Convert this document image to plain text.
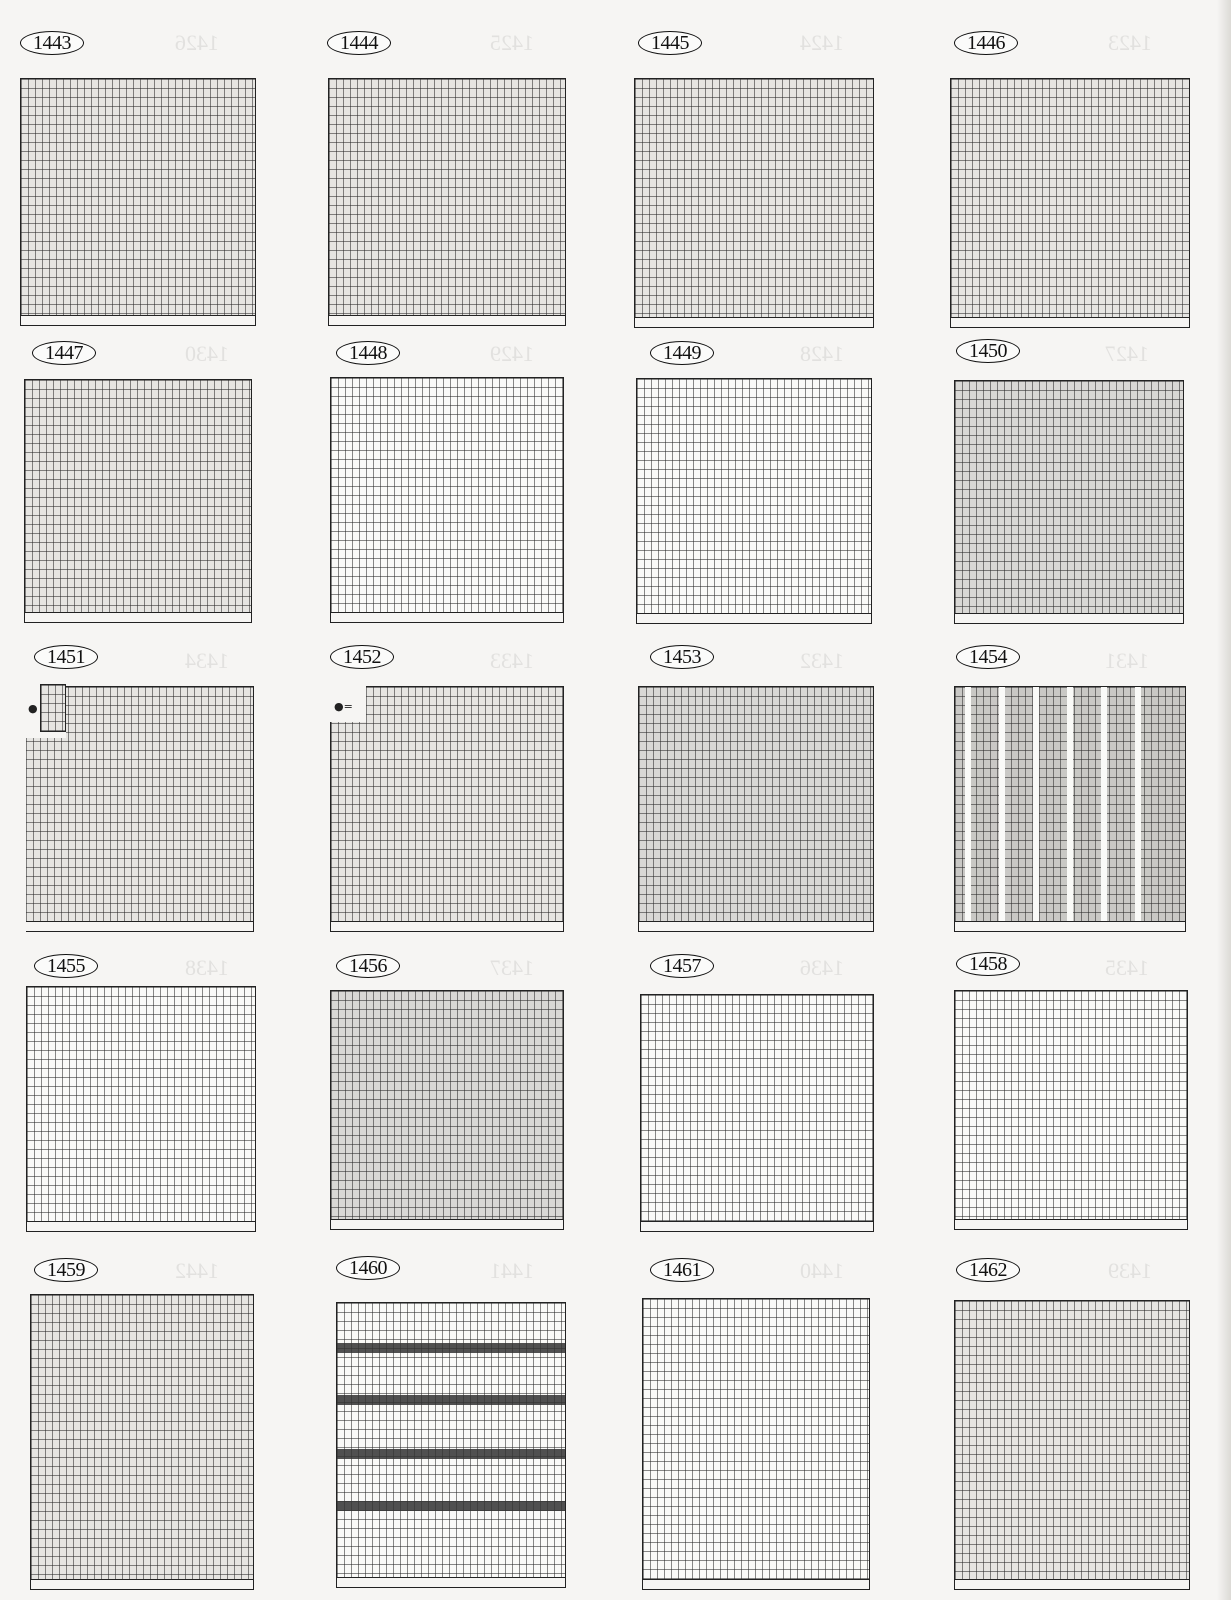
1443	1426	1444	1425	1445	1424	1446	1423
1447	1430	1448	1429	1449	1428	1450	1427
1451	1434
●
1452	1433
●=
1453	1432	1454	1431
1455	1438	1456	1437	1457	1436	1458	1435
1459	1442	1460	1441	1461	1440	1462	1439
